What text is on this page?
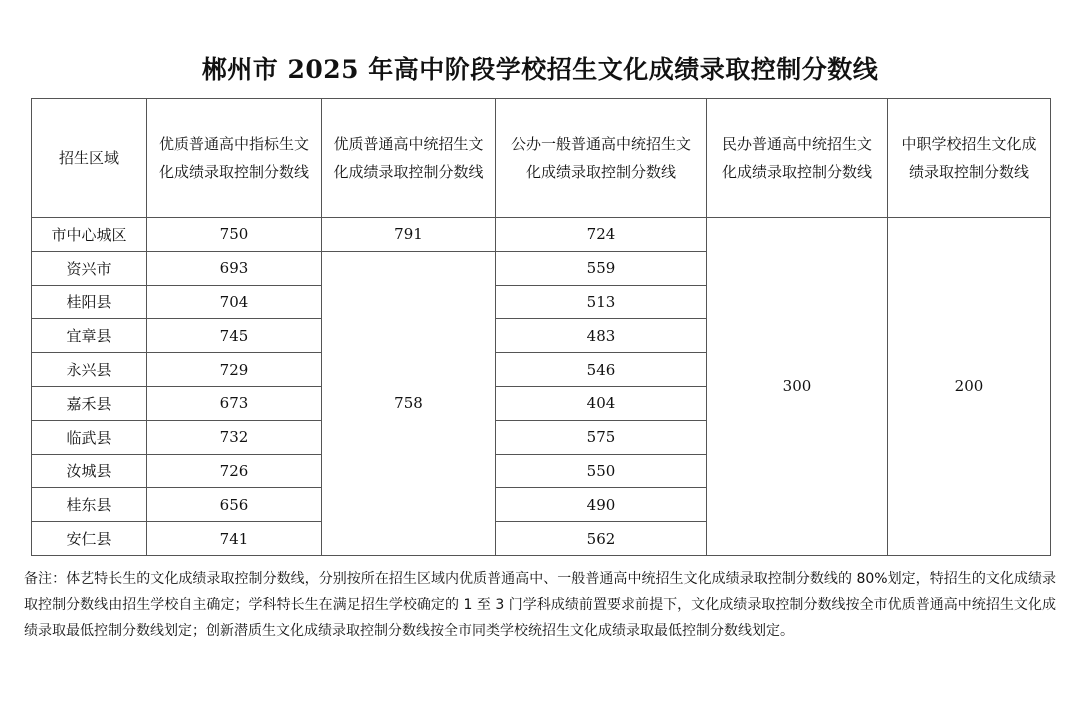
郴州市 2025 年高中阶段学校招生文化成绩录取控制分数线
招生区域	优质普通高中指标生文化成绩录取控制分数线	优质普通高中统招生文化成绩录取控制分数线	公办一般普通高中统招生文化成绩录取控制分数线	民办普通高中统招生文化成绩录取控制分数线	中职学校招生文化成绩录取控制分数线

市中心城区	750	791	724	300	200
资兴市	693	758	559		
桂阳县	704		513		
宜章县	745		483		
永兴县	729		546		
嘉禾县	673		404		
临武县	732		575		
汝城县	726		550		
桂东县	656		490		
安仁县	741		562		
备注：体艺特长生的文化成绩录取控制分数线，分别按所在招生区域内优质普通高中、一般普通高中统招生文化成绩录取控制分数线的 80%划定，特招生的文化成绩录取控制分数线由招生学校自主确定；学科特长生在满足招生学校确定的 1 至 3 门学科成绩前置要求前提下，文化成绩录取控制分数线按全市优质普通高中统招生文化成绩录取最低控制分数线划定；创新潜质生文化成绩录取控制分数线按全市同类学校统招生文化成绩录取最低控制分数线划定。
